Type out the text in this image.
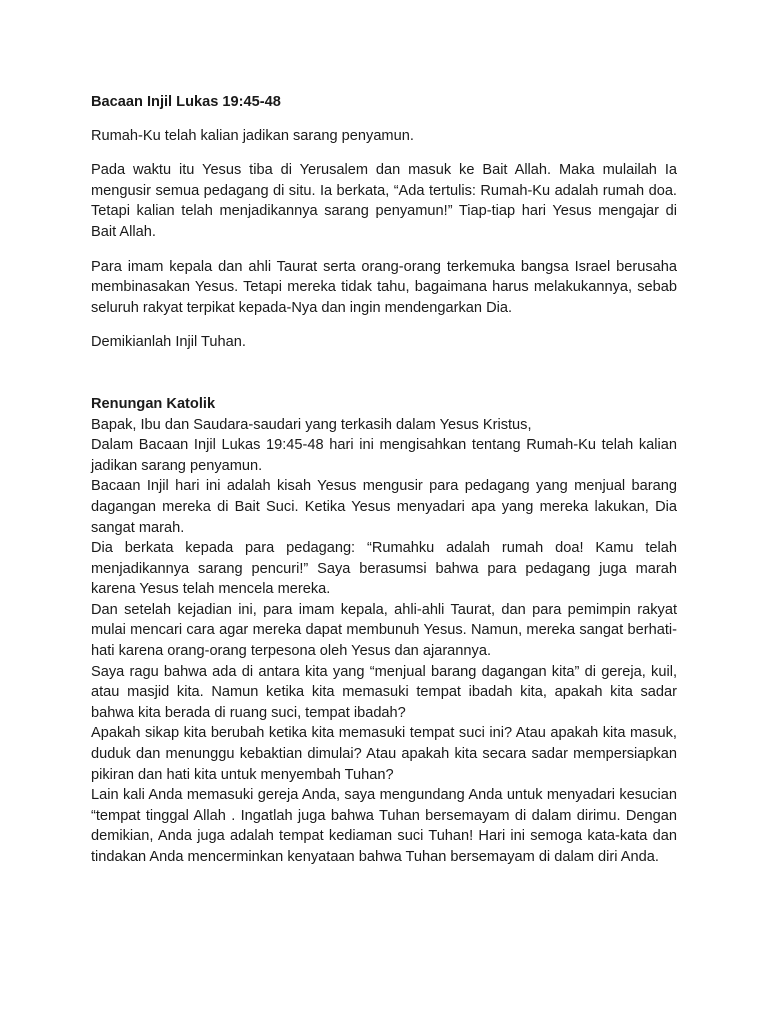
Bacaan Injil Lukas 19:45-48

Rumah-Ku telah kalian jadikan sarang penyamun.

Pada waktu itu Yesus tiba di Yerusalem dan masuk ke Bait Allah. Maka mulailah Ia mengusir semua pedagang di situ. Ia berkata, “Ada tertulis: Rumah-Ku adalah rumah doa. Tetapi kalian telah menjadikannya sarang penyamun!” Tiap-tiap hari Yesus mengajar di Bait Allah.

Para imam kepala dan ahli Taurat serta orang-orang terkemuka bangsa Israel berusaha membinasakan Yesus. Tetapi mereka tidak tahu, bagaimana harus melakukannya, sebab seluruh rakyat terpikat kepada-Nya dan ingin mendengarkan Dia.

Demikianlah Injil Tuhan.

Renungan Katolik

Bapak, Ibu dan Saudara-saudari yang terkasih dalam Yesus Kristus,

Dalam Bacaan Injil Lukas 19:45-48 hari ini mengisahkan tentang Rumah-Ku telah kalian jadikan sarang penyamun.

Bacaan Injil hari ini adalah kisah Yesus mengusir para pedagang yang menjual barang dagangan mereka di Bait Suci. Ketika Yesus menyadari apa yang mereka lakukan, Dia sangat marah.

Dia berkata kepada para pedagang: “Rumahku adalah rumah doa! Kamu telah menjadikannya sarang pencuri!” Saya berasumsi bahwa para pedagang juga marah karena Yesus telah mencela mereka.

Dan setelah kejadian ini, para imam kepala, ahli-ahli Taurat, dan para pemimpin rakyat mulai mencari cara agar mereka dapat membunuh Yesus. Namun, mereka sangat berhati-hati karena orang-orang terpesona oleh Yesus dan ajarannya.

Saya ragu bahwa ada di antara kita yang “menjual barang dagangan kita” di gereja, kuil, atau masjid kita. Namun ketika kita memasuki tempat ibadah kita, apakah kita sadar bahwa kita berada di ruang suci, tempat ibadah?

Apakah sikap kita berubah ketika kita memasuki tempat suci ini? Atau apakah kita masuk, duduk dan menunggu kebaktian dimulai? Atau apakah kita secara sadar mempersiapkan pikiran dan hati kita untuk menyembah Tuhan?

Lain kali Anda memasuki gereja Anda, saya mengundang Anda untuk menyadari kesucian “tempat tinggal Allah . Ingatlah juga bahwa Tuhan bersemayam di dalam dirimu. Dengan demikian, Anda juga adalah tempat kediaman suci Tuhan! Hari ini semoga kata-kata dan tindakan Anda mencerminkan kenyataan bahwa Tuhan bersemayam di dalam diri Anda.
